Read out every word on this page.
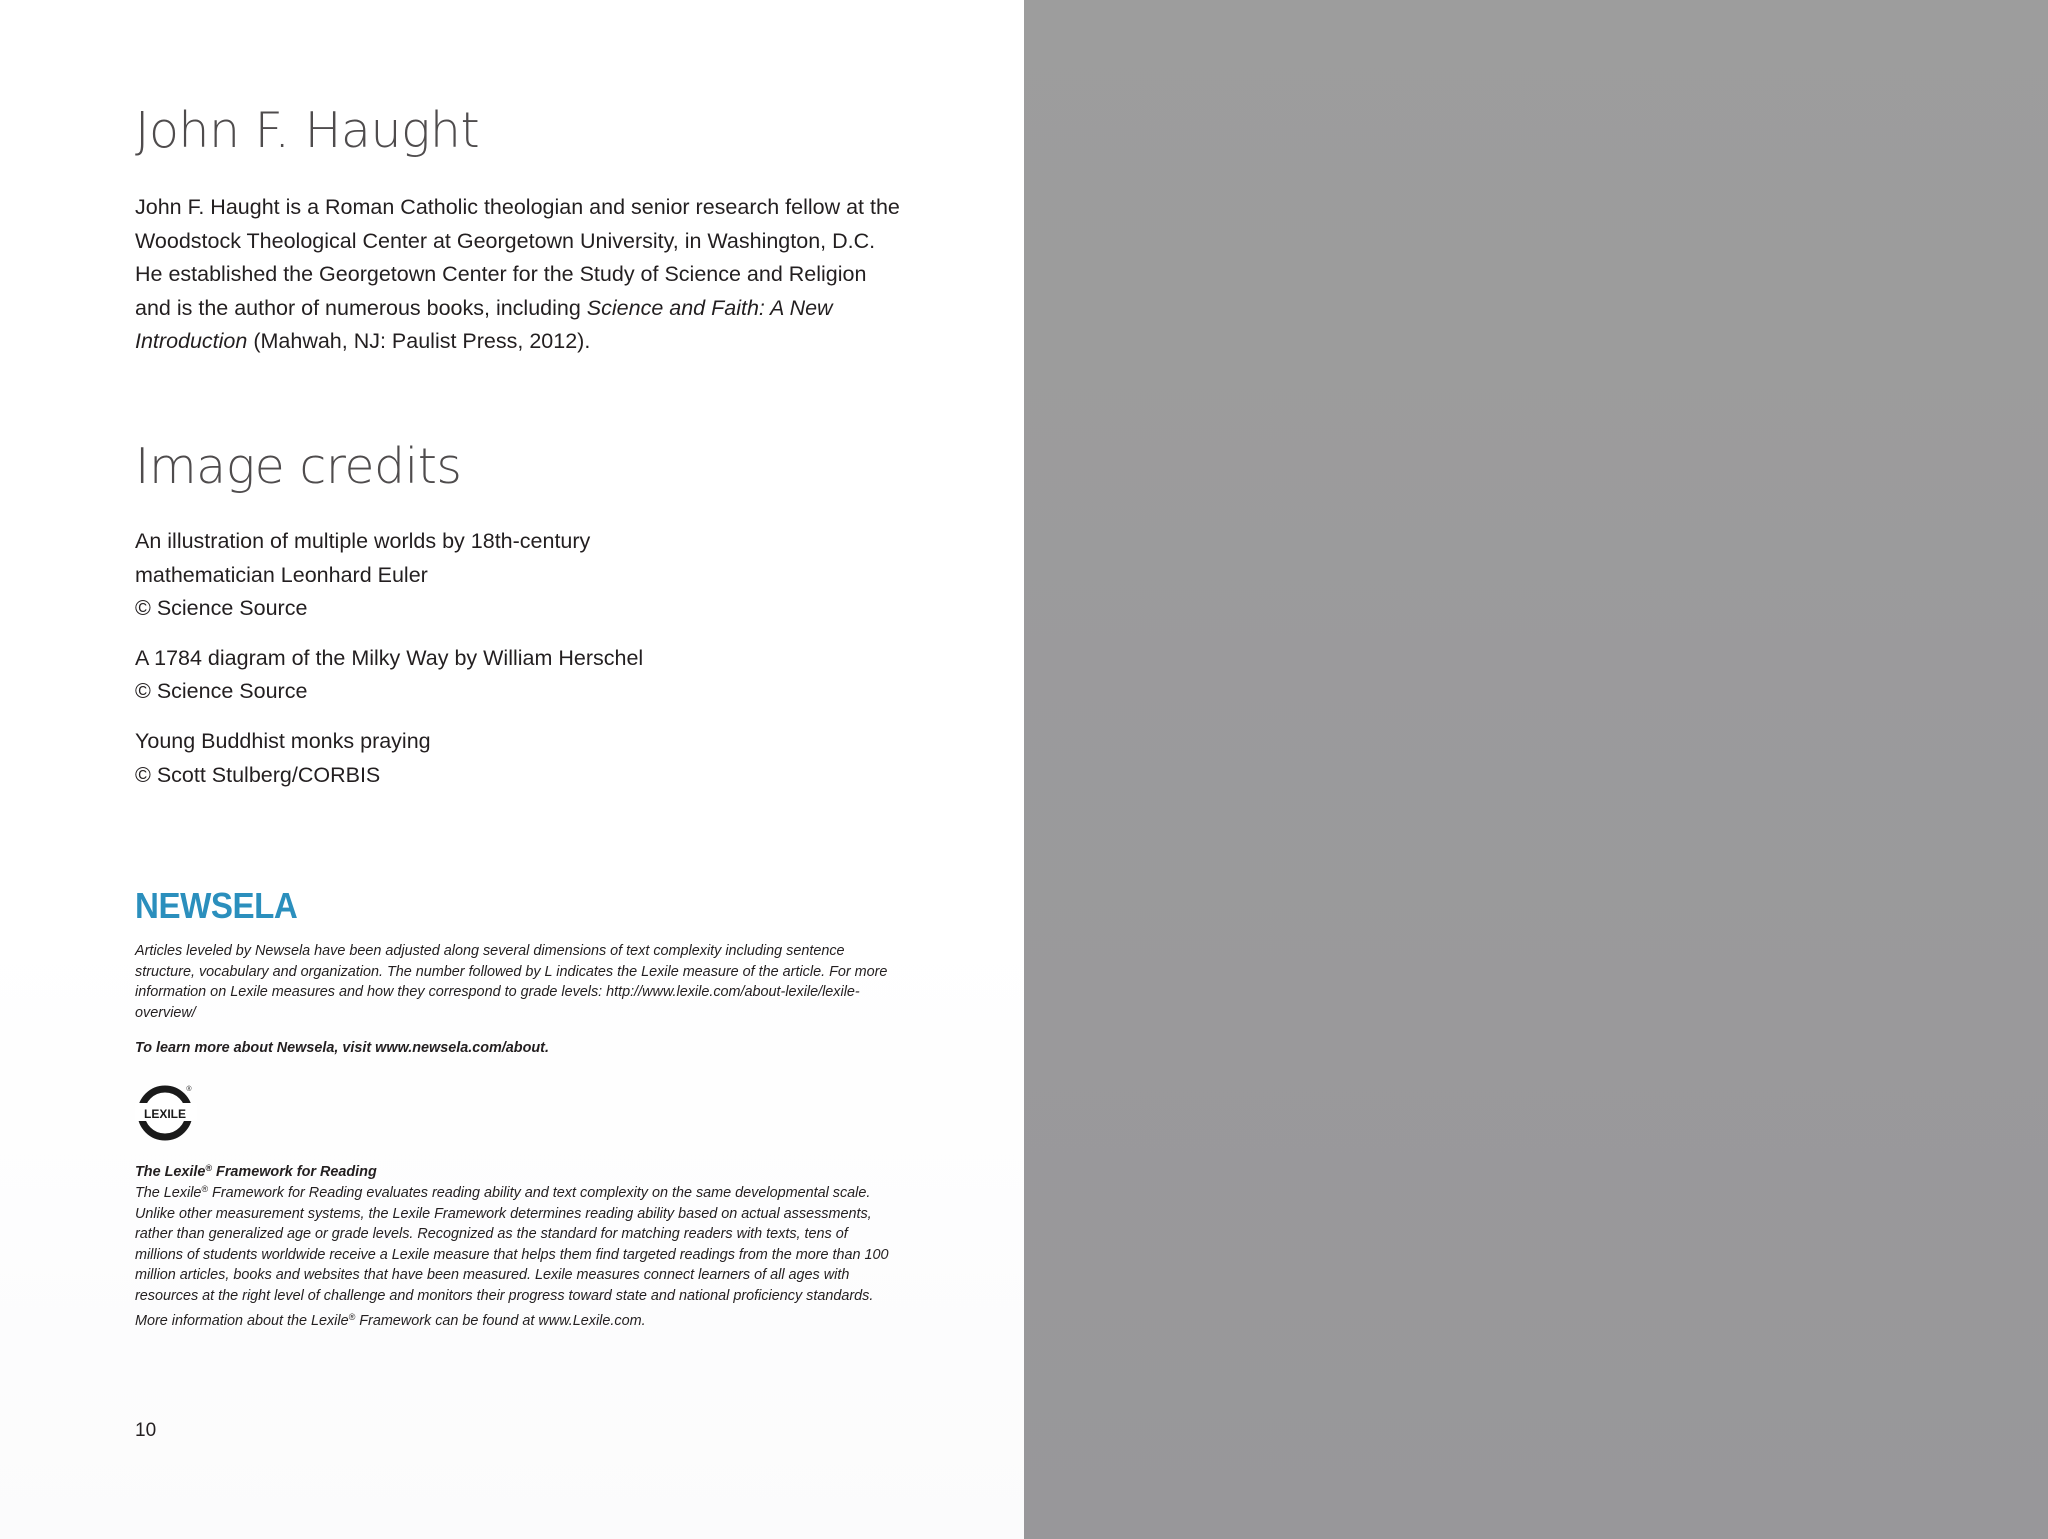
John F. Haught

John F. Haught is a Roman Catholic theologian and senior research fellow at the Woodstock Theological Center at Georgetown University, in Washington, D.C. He established the Georgetown Center for the Study of Science and Religion and is the author of numerous books, including Science and Faith: A New Introduction (Mahwah, NJ: Paulist Press, 2012).

Image credits

An illustration of multiple worlds by 18th-century
mathematician Leonhard Euler
© Science Source

A 1784 diagram of the Milky Way by William Herschel
© Science Source

Young Buddhist monks praying
© Scott Stulberg/CORBIS

NEWSELA

Articles leveled by Newsela have been adjusted along several dimensions of text complexity including sentence structure, vocabulary and organization. The number followed by L indicates the Lexile measure of the article. For more information on Lexile measures and how they correspond to grade levels: http://www.lexile.com/about-lexile/lexile-overview/

To learn more about Newsela, visit www.newsela.com/about.

LEXILE
®

The Lexile® Framework for Reading

The Lexile® Framework for Reading evaluates reading ability and text complexity on the same developmental scale. Unlike other measurement systems, the Lexile Framework determines reading ability based on actual assessments, rather than generalized age or grade levels. Recognized as the standard for matching readers with texts, tens of millions of students worldwide receive a Lexile measure that helps them find targeted readings from the more than 100 million articles, books and websites that have been measured. Lexile measures connect learners of all ages with resources at the right level of challenge and monitors their progress toward state and national proficiency standards. More information about the Lexile® Framework can be found at www.Lexile.com.

10
